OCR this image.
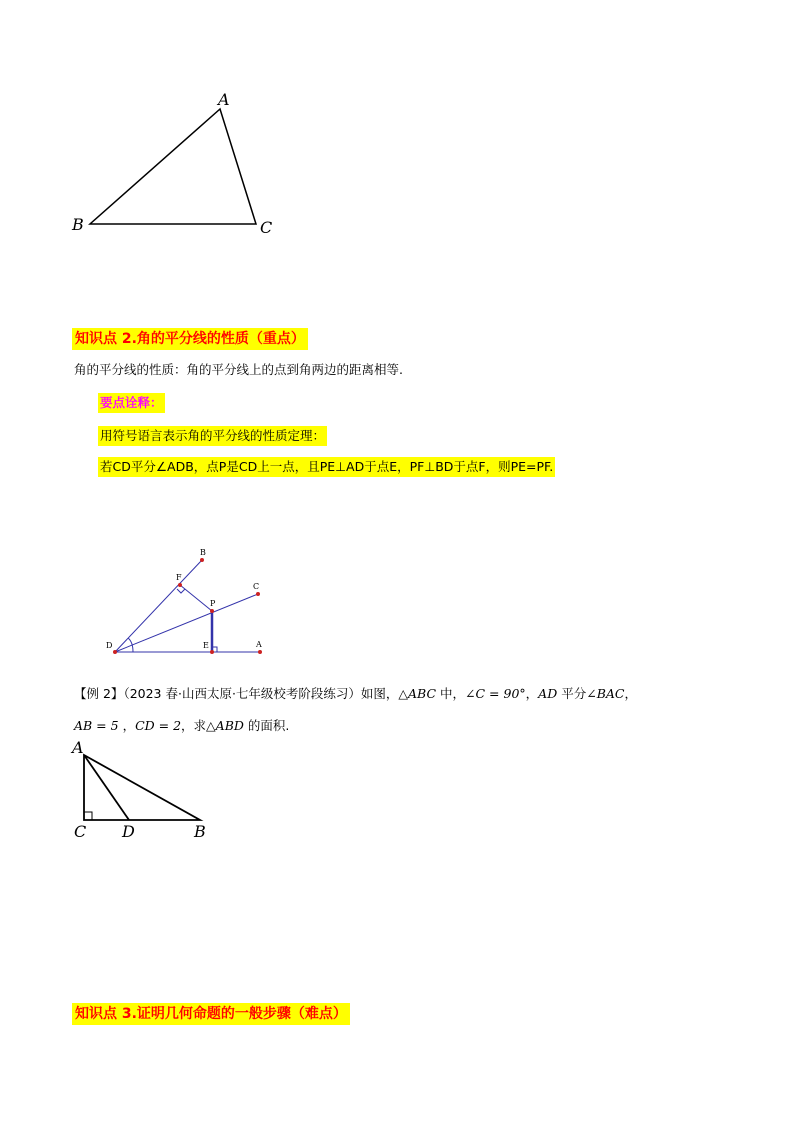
A
B	C
知识点 2.角的平分线的性质（重点）
角的平分线的性质：角的平分线上的点到角两边的距离相等.
要点诠释：
用符号语言表示角的平分线的性质定理：
若CD平分∠ADB，点P是CD上一点，且PE⊥AD于点E，PF⊥BD于点F，则PE=PF.
B
C
F
P
D	E	A
【例 2】（2023 春·山西太原·七年级校考阶段练习）如图，△ABC 中，∠C = 90°，AD 平分∠BAC，
AB = 5 ，CD = 2，求△ABD 的面积.
A
C D	B
知识点 3.证明几何命题的一般步骤（难点）
